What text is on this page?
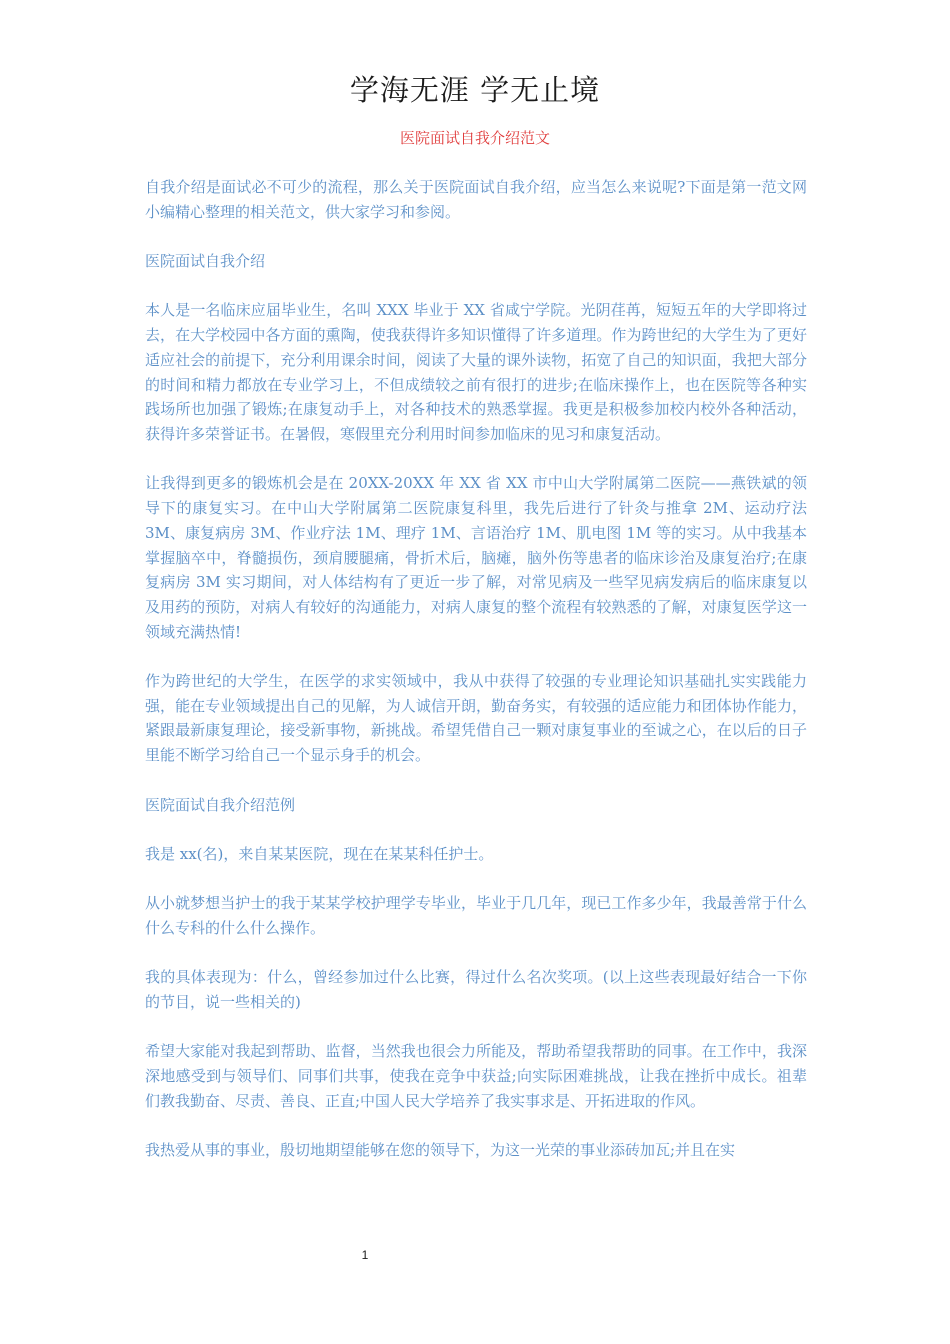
学海无涯 学无止境
医院面试自我介绍范文

自我介绍是面试必不可少的流程，那么关于医院面试自我介绍，应当怎么来说呢?下面是第一范文网小编精心整理的相关范文，供大家学习和参阅。

医院面试自我介绍

本人是一名临床应届毕业生，名叫 XXX 毕业于 XX 省咸宁学院。光阴荏苒，短短五年的大学即将过去，在大学校园中各方面的熏陶，使我获得许多知识懂得了许多道理。作为跨世纪的大学生为了更好适应社会的前提下，充分利用课余时间，阅读了大量的课外读物，拓宽了自己的知识面，我把大部分的时间和精力都放在专业学习上，不但成绩较之前有很打的进步;在临床操作上，也在医院等各种实践场所也加强了锻炼;在康复动手上，对各种技术的熟悉掌握。我更是积极参加校内校外各种活动，获得许多荣誉证书。在暑假，寒假里充分利用时间参加临床的见习和康复活动。

让我得到更多的锻炼机会是在 20XX-20XX 年 XX 省 XX 市中山大学附属第二医院——燕铁斌的领导下的康复实习。在中山大学附属第二医院康复科里，我先后进行了针灸与推拿 2M、运动疗法 3M、康复病房 3M、作业疗法 1M、理疗 1M、言语治疗 1M、肌电图 1M 等的实习。从中我基本掌握脑卒中，脊髓损伤，颈肩腰腿痛，骨折术后，脑瘫，脑外伤等患者的临床诊治及康复治疗;在康复病房 3M 实习期间，对人体结构有了更近一步了解，对常见病及一些罕见病发病后的临床康复以及用药的预防，对病人有较好的沟通能力，对病人康复的整个流程有较熟悉的了解，对康复医学这一领域充满热情!

作为跨世纪的大学生，在医学的求实领域中，我从中获得了较强的专业理论知识基础扎实实践能力强，能在专业领域提出自己的见解，为人诚信开朗，勤奋务实，有较强的适应能力和团体协作能力，紧跟最新康复理论，接受新事物，新挑战。希望凭借自己一颗对康复事业的至诚之心，在以后的日子里能不断学习给自己一个显示身手的机会。

医院面试自我介绍范例

我是 xx(名)，来自某某医院，现在在某某科任护士。

从小就梦想当护士的我于某某学校护理学专毕业，毕业于几几年，现已工作多少年，我最善常于什么什么专科的什么什么操作。

我的具体表现为：什么，曾经参加过什么比赛，得过什么名次奖项。(以上这些表现最好结合一下你的节目，说一些相关的)

希望大家能对我起到帮助、监督，当然我也很会力所能及，帮助希望我帮助的同事。在工作中，我深深地感受到与领导们、同事们共事，使我在竞争中获益;向实际困难挑战，让我在挫折中成长。祖辈们教我勤奋、尽责、善良、正直;中国人民大学培养了我实事求是、开拓进取的作风。

我热爱从事的事业，殷切地期望能够在您的领导下，为这一光荣的事业添砖加瓦;并且在实

1
